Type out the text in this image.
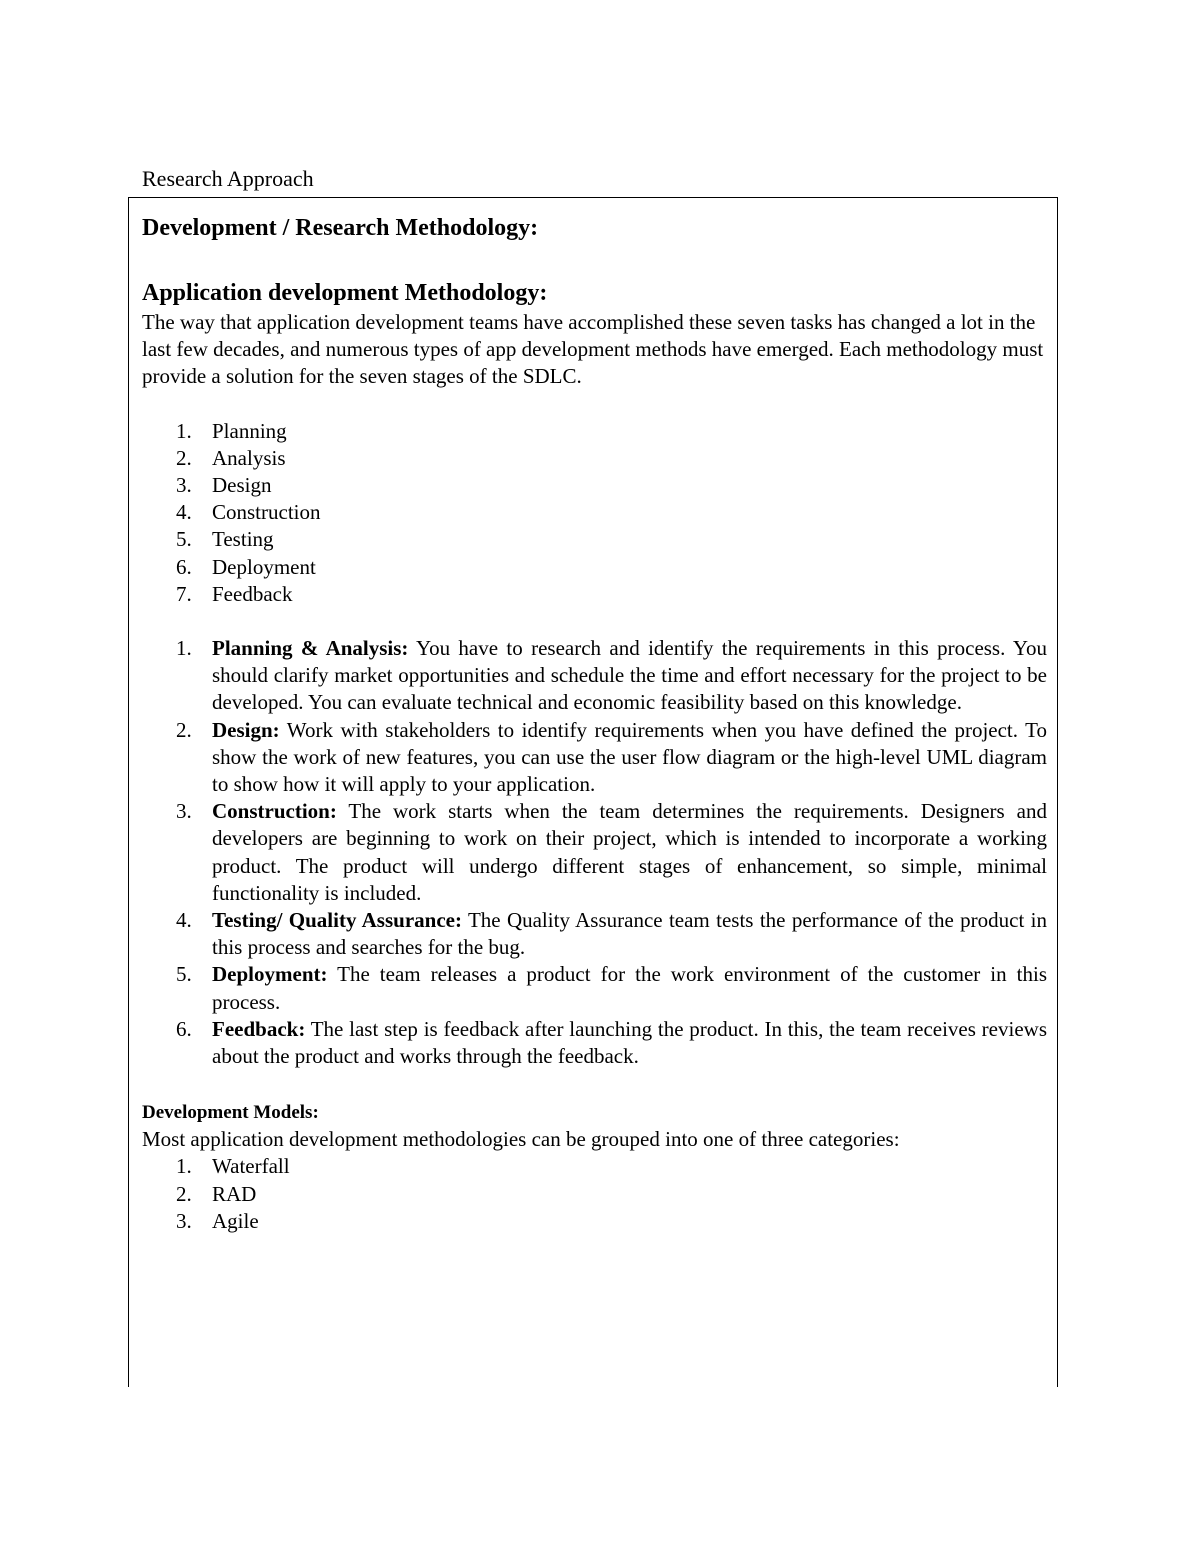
Research Approach

Development / Research Methodology:

Application development Methodology:

The way that application development teams have accomplished these seven tasks has changed a lot in the last few decades, and numerous types of app development methods have emerged. Each methodology must provide a solution for the seven stages of the SDLC.

1. Planning
2. Analysis
3. Design
4. Construction
5. Testing
6. Deployment
7. Feedback
1. Planning & Analysis: You have to research and identify the requirements in this process. You should clarify market opportunities and schedule the time and effort necessary for the project to be developed. You can evaluate technical and economic feasibility based on this knowledge.
2. Design: Work with stakeholders to identify requirements when you have defined the project. To show the work of new features, you can use the user flow diagram or the high-level UML diagram to show how it will apply to your application.
3. Construction: The work starts when the team determines the requirements. Designers and developers are beginning to work on their project, which is intended to incorporate a working product. The product will undergo different stages of enhancement, so simple, minimal functionality is included.
4. Testing/ Quality Assurance: The Quality Assurance team tests the performance of the product in this process and searches for the bug.
5. Deployment: The team releases a product for the work environment of the customer in this process.
6. Feedback: The last step is feedback after launching the product. In this, the team receives reviews about the product and works through the feedback.

Development Models:

Most application development methodologies can be grouped into one of three categories:

1. Waterfall
2. RAD
3. Agile
